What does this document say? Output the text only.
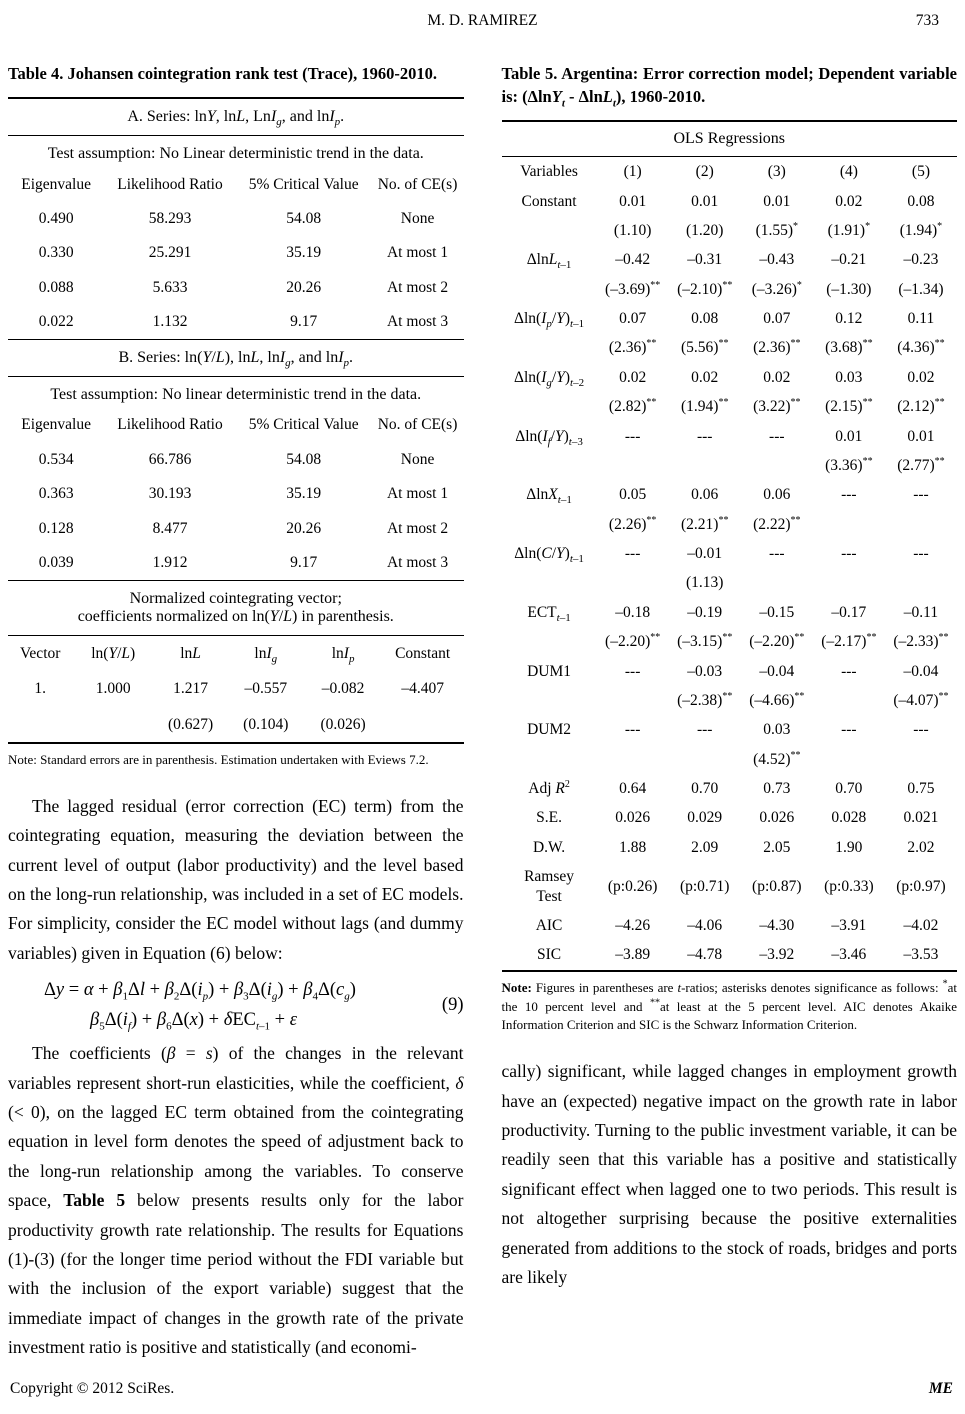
M. D. RAMIREZ	733
Table 4. Johansen cointegration rank test (Trace), 1960-2010.
A. Series: lnY, lnL, LnI$_g$, and lnI$_p$.
Test assumption: No Linear deterministic trend in the data.
Eigenvalue	Likelihood Ratio	5% Critical Value	No. of CE(s)
0.490	58.293	54.08	None
0.330	25.291	35.19	At most 1
0.088	5.633	20.26	At most 2
0.022	1.132	9.17	At most 3
B. Series: ln(Y/L), lnL, lnI$_g$, and lnI$_p$.
Test assumption: No linear deterministic trend in the data.
Eigenvalue	Likelihood Ratio	5% Critical Value	No. of CE(s)
0.534	66.786	54.08	None
0.363	30.193	35.19	At most 1
0.128	8.477	20.26	At most 2
0.039	1.912	9.17	At most 3
Normalized cointegrating vector;
coefficients normalized on ln(Y/L) in parenthesis.
Vector	ln(Y/L)	lnL	lnI$_g$	lnI$_p$	Constant
1.	1.000	1.217	–0.557	–0.082	–4.407
		(0.627)	(0.104)	(0.026)	
Note: Standard errors are in parenthesis. Estimation undertaken with Eviews 7.2.

The lagged residual (error correction (EC) term) from the cointegrating equation, measuring the deviation between the current level of output (labor productivity) and the level based on the long-run relationship, was included in a set of EC models. For simplicity, consider the EC model without lags (and dummy variables) given in Equation (6) below:

$\Delta y = \alpha + \beta_1\Delta l + \beta_2\Delta(i_p) + \beta_3\Delta(i_g) + \beta_4\Delta(c_g)$
$\beta_5\Delta(i_f) + \beta_6\Delta(x) + \delta EC_{t-1} + \varepsilon$
(9)

The coefficients (β = s) of the changes in the relevant variables represent short-run elasticities, while the coefficient, δ (< 0), on the lagged EC term obtained from the cointegrating equation in level form denotes the speed of adjustment back to the long-run relationship among the variables. To conserve space, Table 5 below presents results only for the labor productivity growth rate relationship. The results for Equations (1)-(3) (for the longer time period without the FDI variable but with the inclusion of the export variable) suggest that the immediate impact of changes in the growth rate of the private investment ratio is positive and statistically (and economi-

Table 5. Argentina: Error correction model; Dependent variable is: (ΔlnY$_t$ - ΔlnL$_t$), 1960-2010.
OLS Regressions
Variables	(1)	(2)	(3)	(4)	(5)
Constant	0.01	0.01	0.01	0.02	0.08
	(1.10)	(1.20)	(1.55)*	(1.91)*	(1.94)*
ΔlnL$_{t-1}$	–0.42	–0.31	–0.43	–0.21	–0.23
	(–3.69)**	(–2.10)**	(–3.26)*	(–1.30)	(–1.34)
$\Delta\ln(I_p/Y)_{t-1}$	0.07	0.08	0.07	0.12	0.11
	(2.36)**	(5.56)**	(2.36)**	(3.68)**	(4.36)**
$\Delta\ln(I_g/Y)_{t-2}$	0.02	0.02	0.02	0.03	0.02
	(2.82)**	(1.94)**	(3.22)**	(2.15)**	(2.12)**
$\Delta\ln(I_f/Y)_{t-3}$	---	---	---	0.01	0.01
				(3.36)**	(2.77)**
ΔlnX$_{t-1}$	0.05	0.06	0.06	---	---
	(2.26)**	(2.21)**	(2.22)**		
$\Delta\ln(C/Y)_{t-1}$	---	–0.01	---	---	---
		(1.13)			
$ECT_{t-1}$	–0.18	–0.19	–0.15	–0.17	–0.11
	(–2.20)**	(–3.15)**	(–2.20)**	(–2.17)**	(–2.33)**
DUM1	---	–0.03	–0.04	---	–0.04
		(–2.38)**	(–4.66)**		(–4.07)**
DUM2	---	---	0.03	---	---
			(4.52)**		
Adj $R^2$	0.64	0.70	0.73	0.70	0.75
S.E.	0.026	0.029	0.026	0.028	0.021
D.W.	1.88	2.09	2.05	1.90	2.02
Ramsey
Test	(p:0.26)	(p:0.71)	(p:0.87)	(p:0.33)	(p:0.97)
AIC	–4.26	–4.06	–4.30	–3.91	–4.02
SIC	–3.89	–4.78	–3.92	–3.46	–3.53
Note: Figures in parentheses are t-ratios; asterisks denotes significance as follows: *at the 10 percent level and **at least at the 5 percent level. AIC denotes Akaike Information Criterion and SIC is the Schwarz Information Criterion.

cally) significant, while lagged changes in employment growth have an (expected) negative impact on the growth rate in labor productivity. Turning to the public investment variable, it can be readily seen that this variable has a positive and statistically significant effect when lagged one to two periods. This result is not altogether surprising because the positive externalities generated from additions to the stock of roads, bridges and ports are likely

Copyright © 2012 SciRes.	ME
